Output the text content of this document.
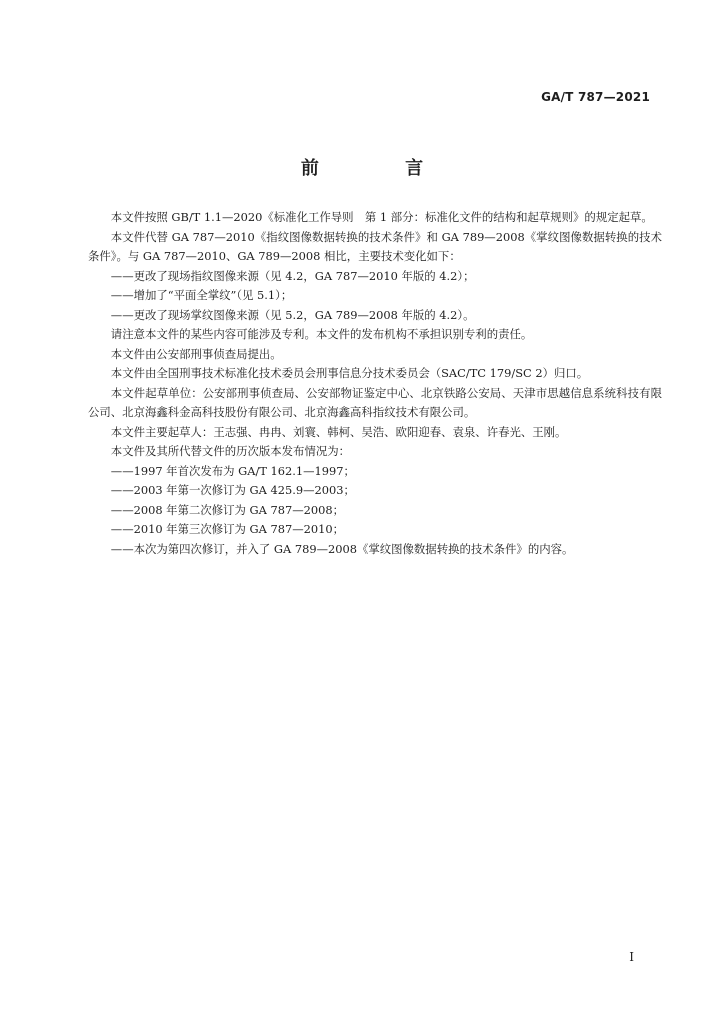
GA/T 787—2021
前 言

本文件按照 GB/T 1.1—2020《标准化工作导则　第 1 部分：标准化文件的结构和起草规则》的规定起草。

本文件代替 GA 787—2010《指纹图像数据转换的技术条件》和 GA 789—2008《掌纹图像数据转换的技术条件》。与 GA 787—2010、GA 789—2008 相比，主要技术变化如下：

——更改了现场指纹图像来源（见 4.2，GA 787—2010 年版的 4.2）；

——增加了“平面全掌纹”（见 5.1）；

——更改了现场掌纹图像来源（见 5.2，GA 789—2008 年版的 4.2）。

请注意本文件的某些内容可能涉及专利。本文件的发布机构不承担识别专利的责任。

本文件由公安部刑事侦查局提出。

本文件由全国刑事技术标准化技术委员会刑事信息分技术委员会（SAC/TC 179/SC 2）归口。

本文件起草单位：公安部刑事侦查局、公安部物证鉴定中心、北京铁路公安局、天津市思越信息系统科技有限公司、北京海鑫科金高科技股份有限公司、北京海鑫高科指纹技术有限公司。

本文件主要起草人：王志强、冉冉、刘寰、韩柯、吴浩、欧阳迎春、袁泉、许春光、王刚。

本文件及其所代替文件的历次版本发布情况为：

——1997 年首次发布为 GA/T 162.1—1997；

——2003 年第一次修订为 GA 425.9—2003；

——2008 年第二次修订为 GA 787—2008；

——2010 年第三次修订为 GA 787—2010；

——本次为第四次修订，并入了 GA 789—2008《掌纹图像数据转换的技术条件》的内容。

I
